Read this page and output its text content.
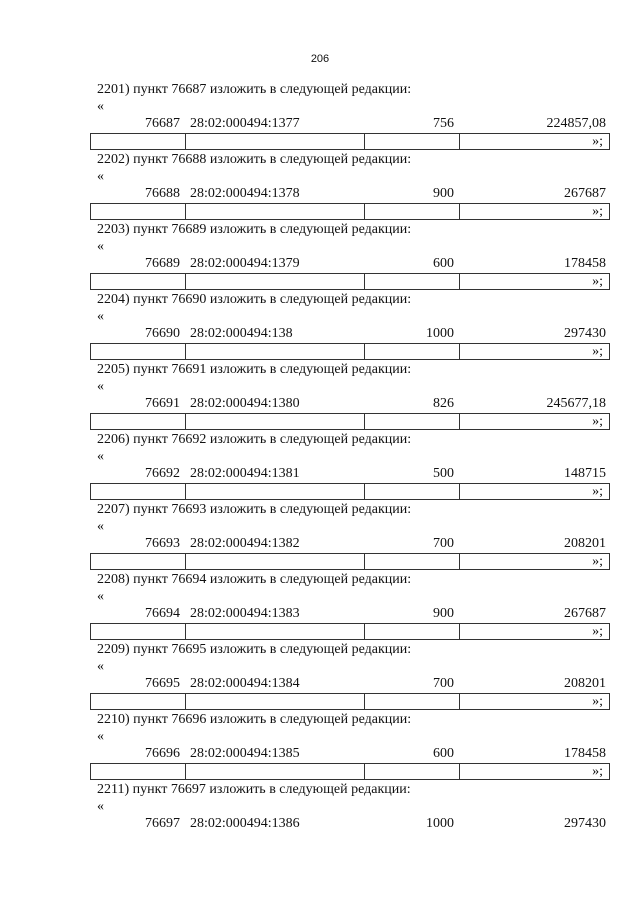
206
2201) пункт 76687 изложить в следующей редакции:
«
76687 28:02:000494:1377	756	224857,08
»;
2202) пункт 76688 изложить в следующей редакции:
«
76688 28:02:000494:1378	900	267687
»;
2203) пункт 76689 изложить в следующей редакции:
«
76689 28:02:000494:1379	600	178458
»;
2204) пункт 76690 изложить в следующей редакции:
«
76690 28:02:000494:138	1000	297430
»;
2205) пункт 76691 изложить в следующей редакции:
«
76691 28:02:000494:1380	826	245677,18
»;
2206) пункт 76692 изложить в следующей редакции:
«
76692 28:02:000494:1381	500	148715
»;
2207) пункт 76693 изложить в следующей редакции:
«
76693 28:02:000494:1382	700	208201
»;
2208) пункт 76694 изложить в следующей редакции:
«
76694 28:02:000494:1383	900	267687
»;
2209) пункт 76695 изложить в следующей редакции:
«
76695 28:02:000494:1384	700	208201
»;
2210) пункт 76696 изложить в следующей редакции:
«
76696 28:02:000494:1385	600	178458
»;
2211) пункт 76697 изложить в следующей редакции:
«
76697 28:02:000494:1386	1000	297430
